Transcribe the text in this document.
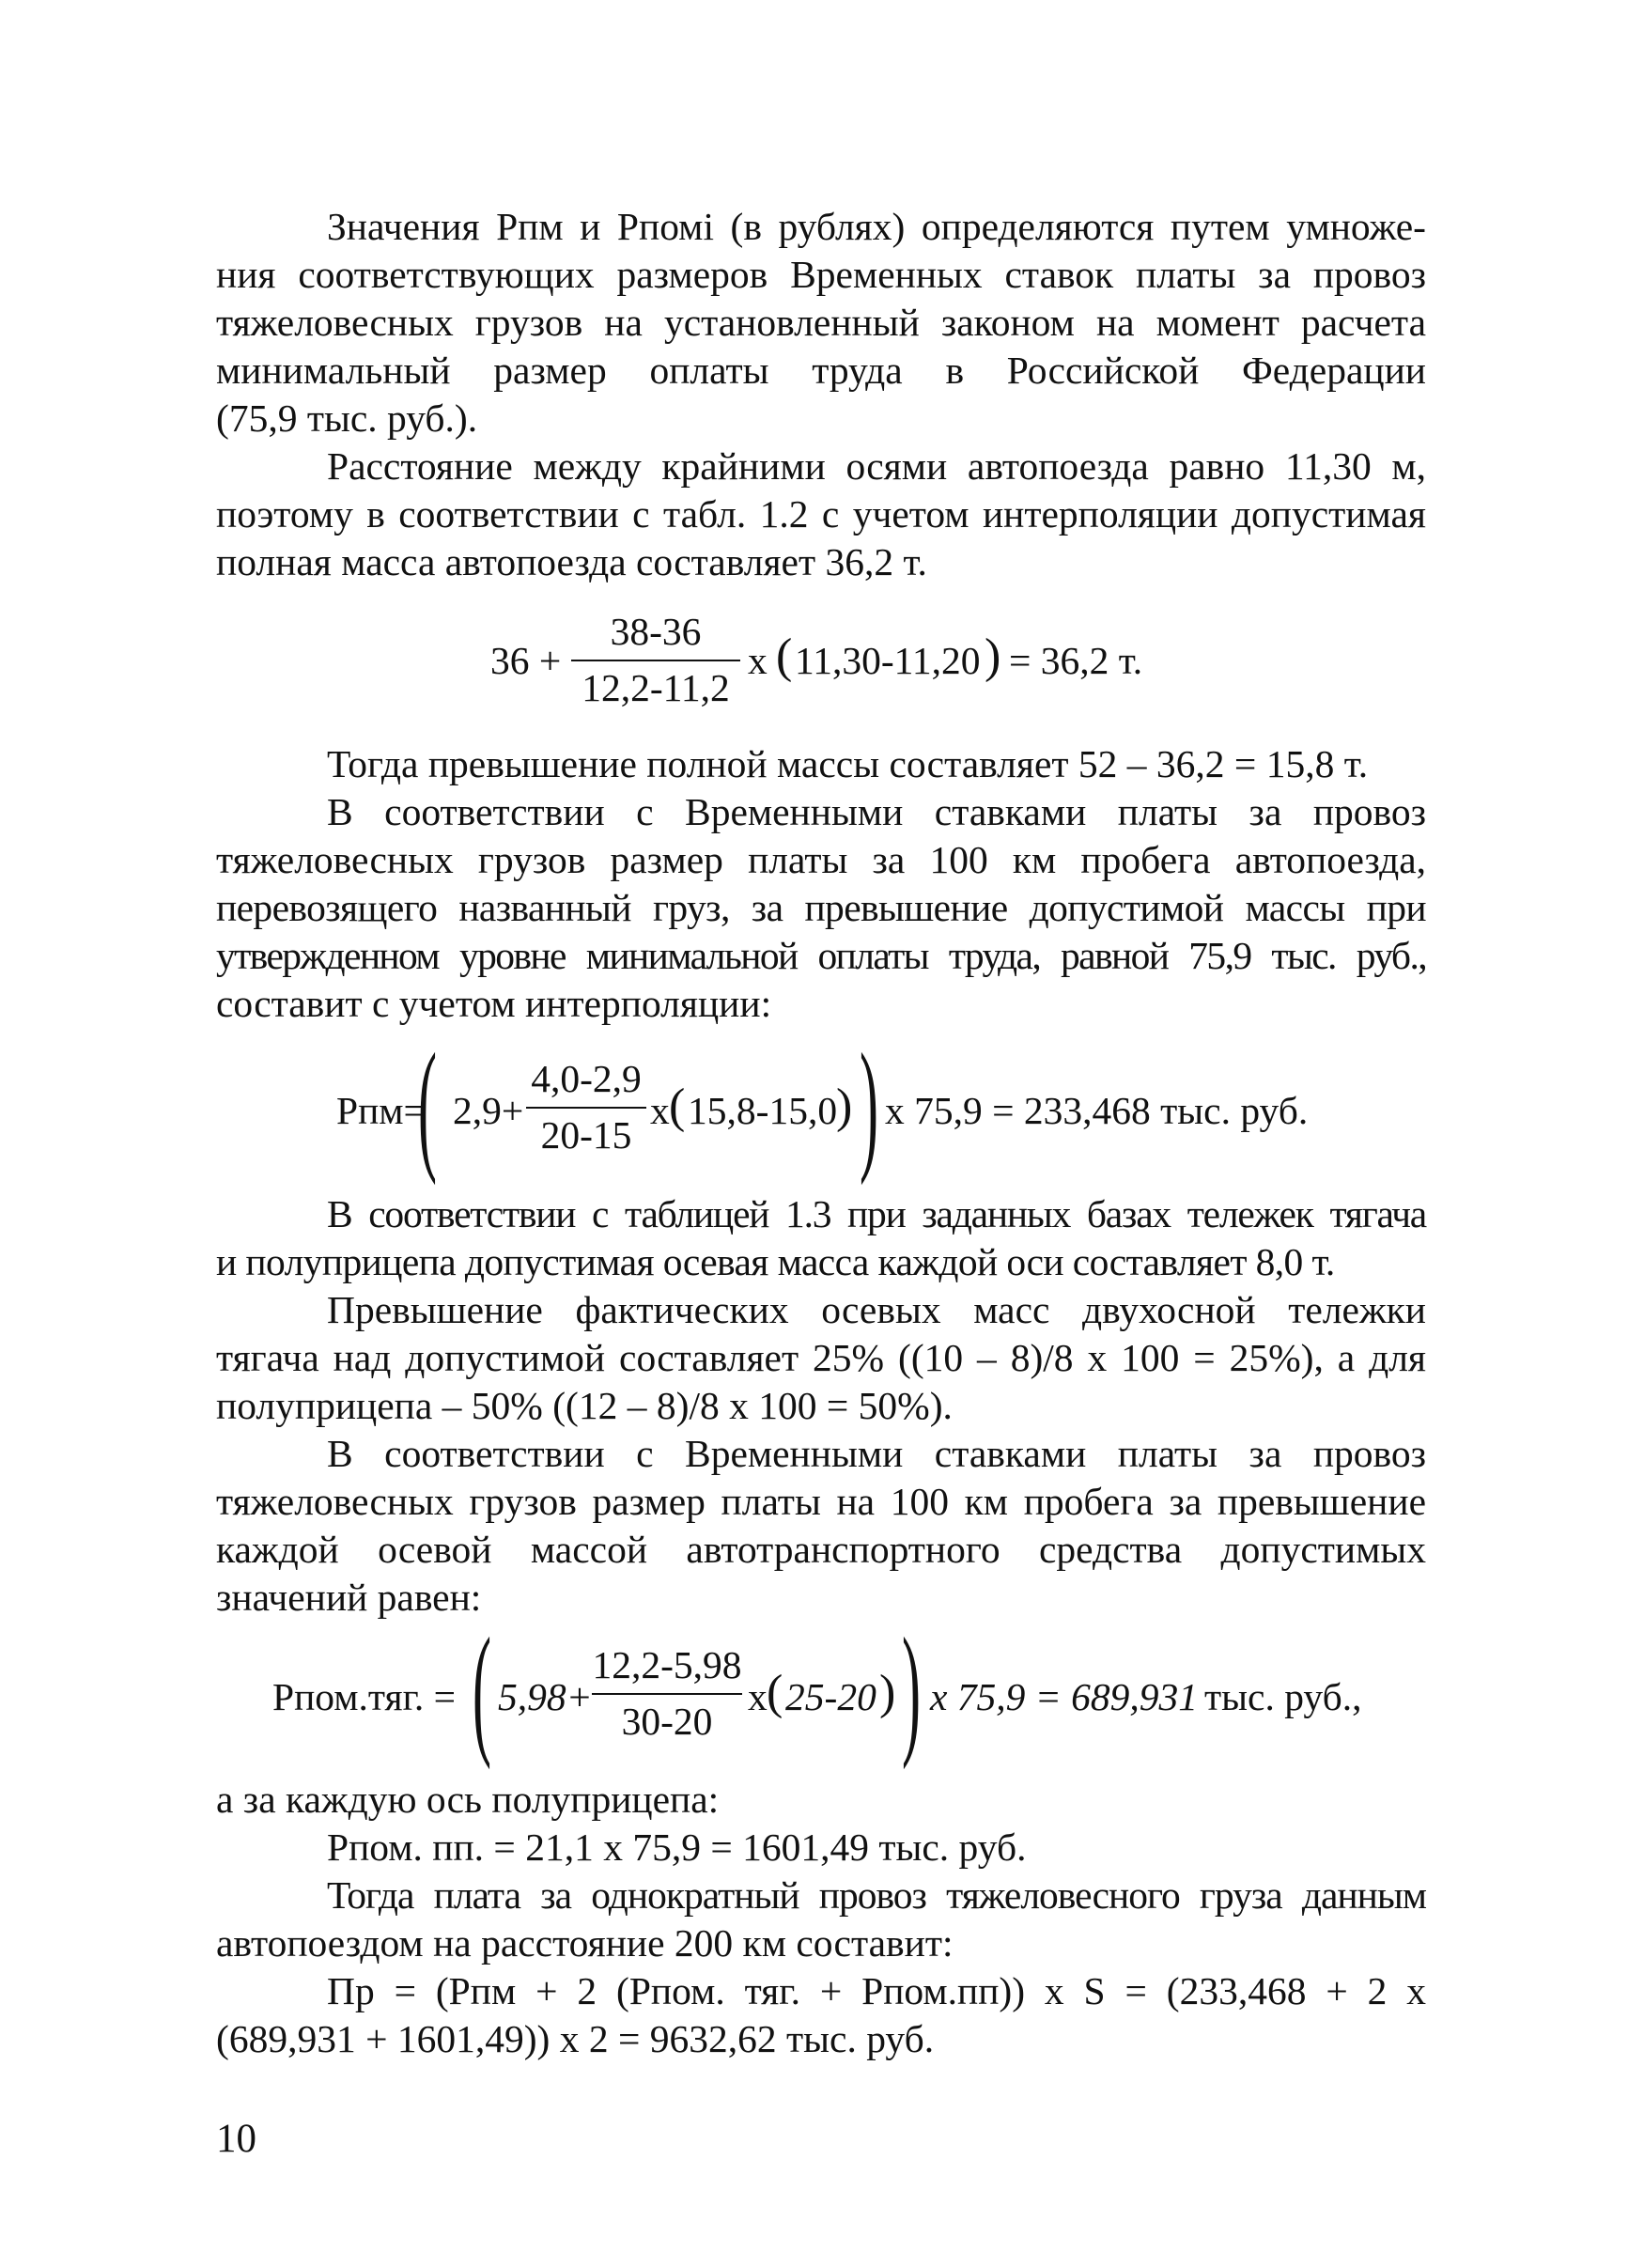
Значения Рпм и Рпомi (в рублях) определяются путем умноже-
ния соответствующих размеров Временных ставок платы за провоз
тяжеловесных грузов на установленный законом на момент расчета
минимальный размер оплаты труда в Российской Федерации
(75,9 тыс. руб.).
Расстояние между крайними осями автопоезда равно 11,30 м,
поэтому в соответствии с табл. 1.2 с учетом интерполяции допустимая
полная масса автопоезда составляет 36,2 т.
36 +
38-36
12,2-11,2
х ( 11,30-11,20 ) = 36,2 т.
Тогда превышение полной массы составляет 52 – 36,2 = 15,8 т.
В соответствии с Временными ставками платы за провоз
тяжеловесных грузов размер платы за 100 км пробега автопоезда,
перевозящего названный груз, за превышение допустимой массы при
утвержденном уровне минимальной оплаты труда, равной 75,9 тыс. руб.,
составит с учетом интерполяции:
Рпм=
( 2,9+
4,0-2,9
20-15
х ( 15,8-15,0
) ) х 75,9 = 233,468 тыс. руб.
В соответствии с таблицей 1.3 при заданных базах тележек тягача
и полуприцепа допустимая осевая масса каждой оси составляет 8,0 т.
Превышение фактических осевых масс двухосной тележки
тягача над допустимой составляет 25% ((10 – 8)/8 х 100 = 25%), а для
полуприцепа – 50% ((12 – 8)/8 х 100 = 50%).
В соответствии с Временными ставками платы за провоз
тяжеловесных грузов размер платы на 100 км пробега за превышение
каждой осевой массой автотранспортного средства допустимых
значений равен:
Рпом.тяг. = ( 5,98+
12,2-5,98
30-20
х ( 25-20 ) ) х 75,9 = 689,931 тыс. руб.,
а за каждую ось полуприцепа:
Рпом. пп. = 21,1 х 75,9 = 1601,49 тыс. руб.
Тогда плата за однократный провоз тяжеловесного груза данным
автопоездом на расстояние 200 км составит:
Пр = (Рпм + 2 (Рпом. тяг. + Рпом.пп)) х S = (233,468 + 2 х
(689,931 + 1601,49)) х 2 = 9632,62 тыс. руб.
10
